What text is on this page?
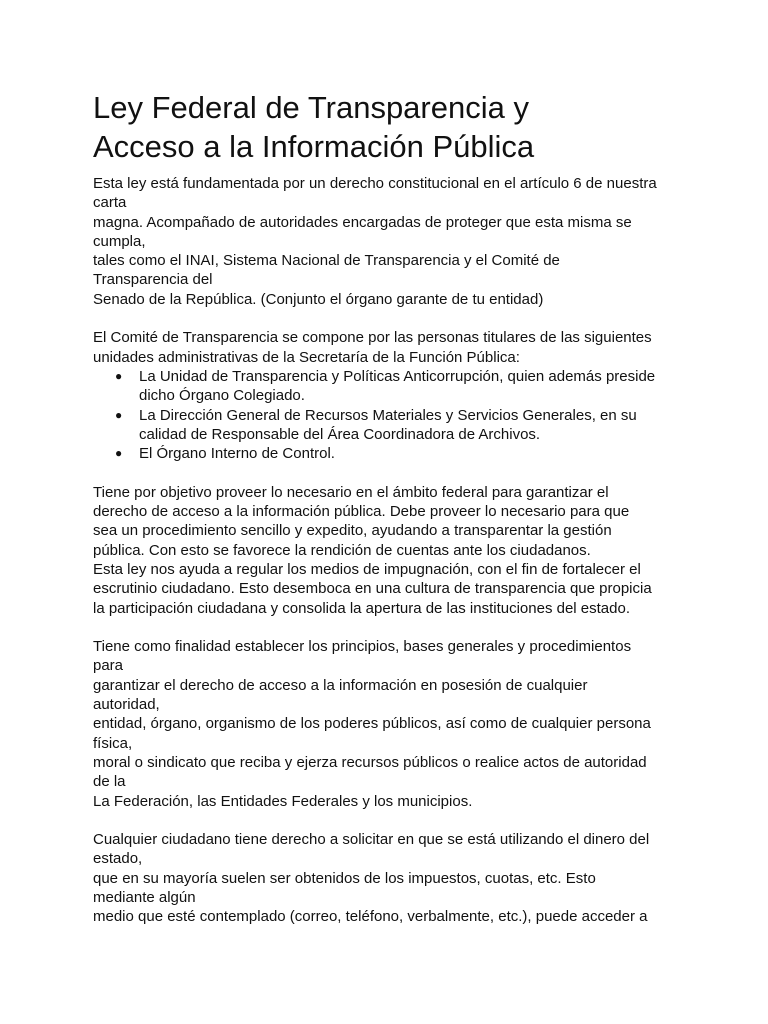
Ley Federal de Transparencia y
Acceso a la Información Pública
Esta ley está fundamentada por un derecho constitucional en el artículo 6 de nuestra
carta
magna. Acompañado de autoridades encargadas de proteger que esta misma se
cumpla,
tales como el INAI, Sistema Nacional de Transparencia y el Comité de
Transparencia del
Senado de la República. (Conjunto el órgano garante de tu entidad)
El Comité de Transparencia se compone por las personas titulares de las siguientes
unidades administrativas de la Secretaría de la Función Pública:
● La Unidad de Transparencia y Políticas Anticorrupción, quien además preside
dicho Órgano Colegiado.
● La Dirección General de Recursos Materiales y Servicios Generales, en su
calidad de Responsable del Área Coordinadora de Archivos.
● El Órgano Interno de Control.
Tiene por objetivo proveer lo necesario en el ámbito federal para garantizar el
derecho de acceso a la información pública. Debe proveer lo necesario para que
sea un procedimiento sencillo y expedito, ayudando a transparentar la gestión
pública. Con esto se favorece la rendición de cuentas ante los ciudadanos.
Esta ley nos ayuda a regular los medios de impugnación, con el fin de fortalecer el
escrutinio ciudadano. Esto desemboca en una cultura de transparencia que propicia
la participación ciudadana y consolida la apertura de las instituciones del estado.
Tiene como finalidad establecer los principios, bases generales y procedimientos
para
garantizar el derecho de acceso a la información en posesión de cualquier
autoridad,
entidad, órgano, organismo de los poderes públicos, así como de cualquier persona
física,
moral o sindicato que reciba y ejerza recursos públicos o realice actos de autoridad
de la
La Federación, las Entidades Federales y los municipios.
Cualquier ciudadano tiene derecho a solicitar en que se está utilizando el dinero del
estado,
que en su mayoría suelen ser obtenidos de los impuestos, cuotas, etc. Esto
mediante algún
medio que esté contemplado (correo, teléfono, verbalmente, etc.), puede acceder a
